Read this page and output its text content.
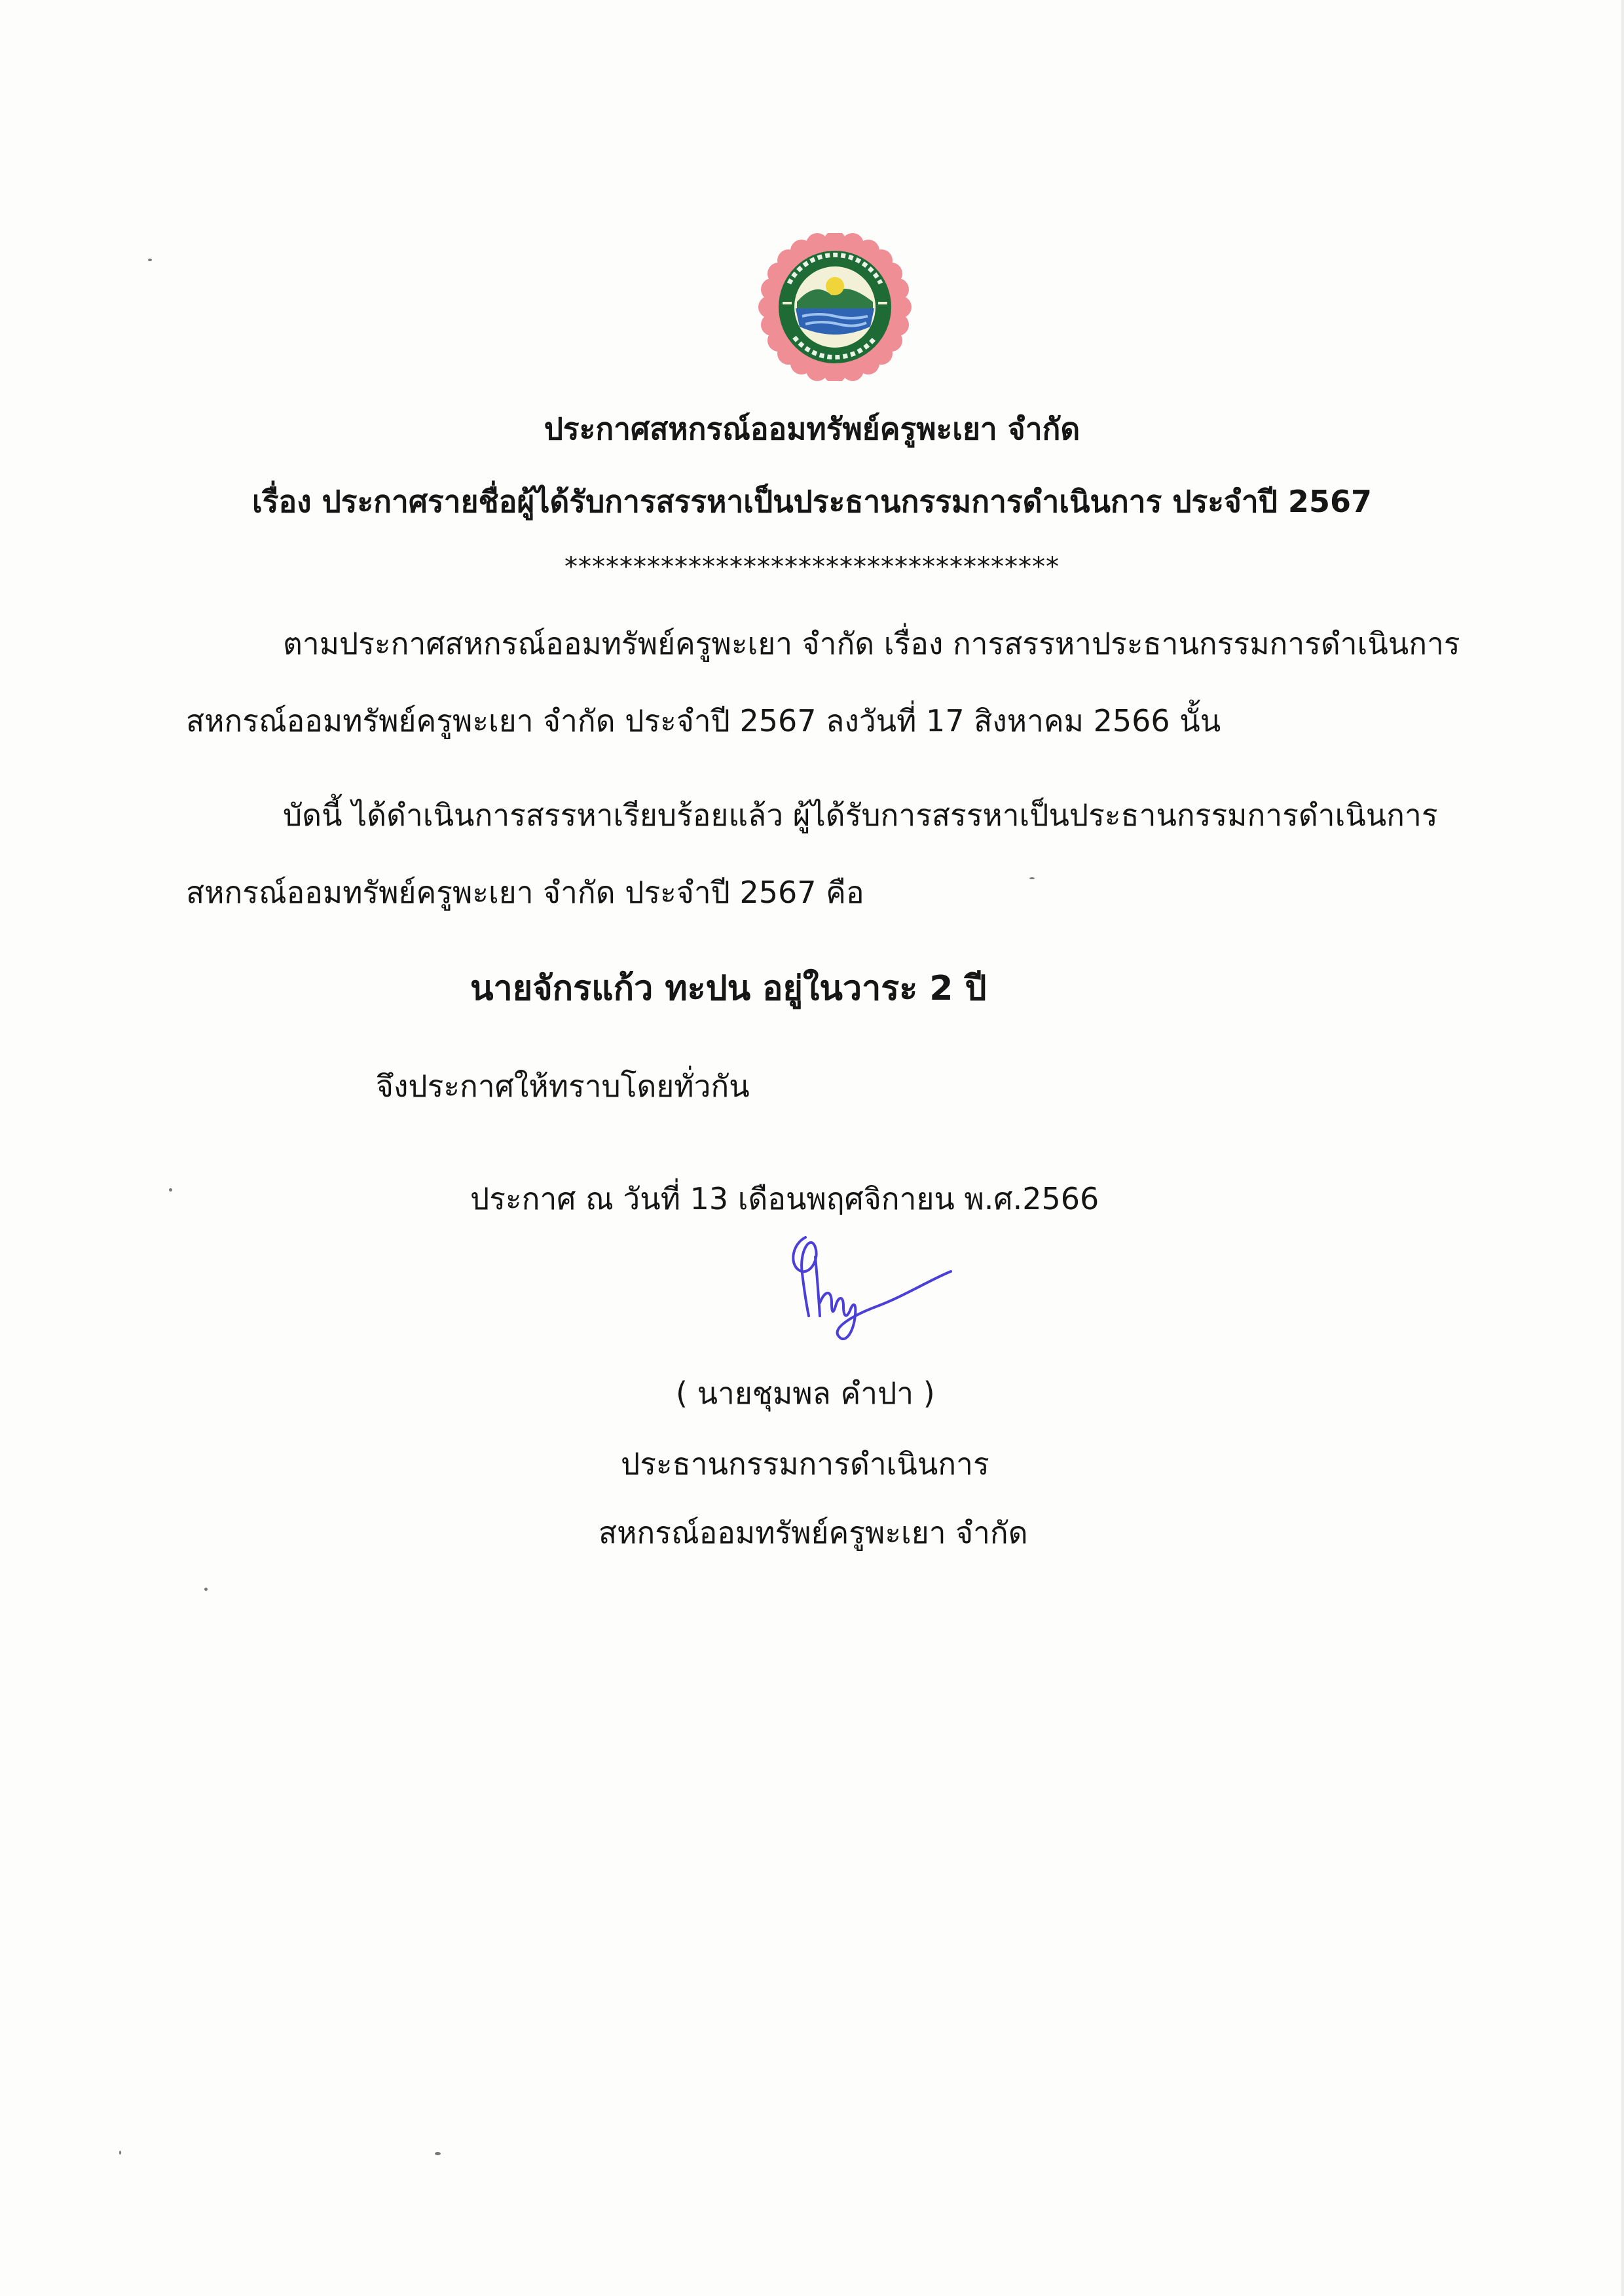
ประกาศสหกรณ์ออมทรัพย์ครูพะเยา จำกัด
เรื่อง ประกาศรายชื่อผู้ได้รับการสรรหาเป็นประธานกรรมการดำเนินการ ประจำปี 2567
************************************
ตามประกาศสหกรณ์ออมทรัพย์ครูพะเยา จำกัด เรื่อง การสรรหาประธานกรรมการดำเนินการ
สหกรณ์ออมทรัพย์ครูพะเยา จำกัด ประจำปี 2567 ลงวันที่ 17 สิงหาคม 2566 นั้น
บัดนี้ ได้ดำเนินการสรรหาเรียบร้อยแล้ว ผู้ได้รับการสรรหาเป็นประธานกรรมการดำเนินการ
สหกรณ์ออมทรัพย์ครูพะเยา จำกัด ประจำปี 2567 คือ
นายจักรแก้ว ทะปน อยู่ในวาระ 2 ปี
จึงประกาศให้ทราบโดยทั่วกัน
ประกาศ ณ วันที่ 13 เดือนพฤศจิกายน พ.ศ.2566
( นายชุมพล คำปา )
ประธานกรรมการดำเนินการ
สหกรณ์ออมทรัพย์ครูพะเยา จำกัด
